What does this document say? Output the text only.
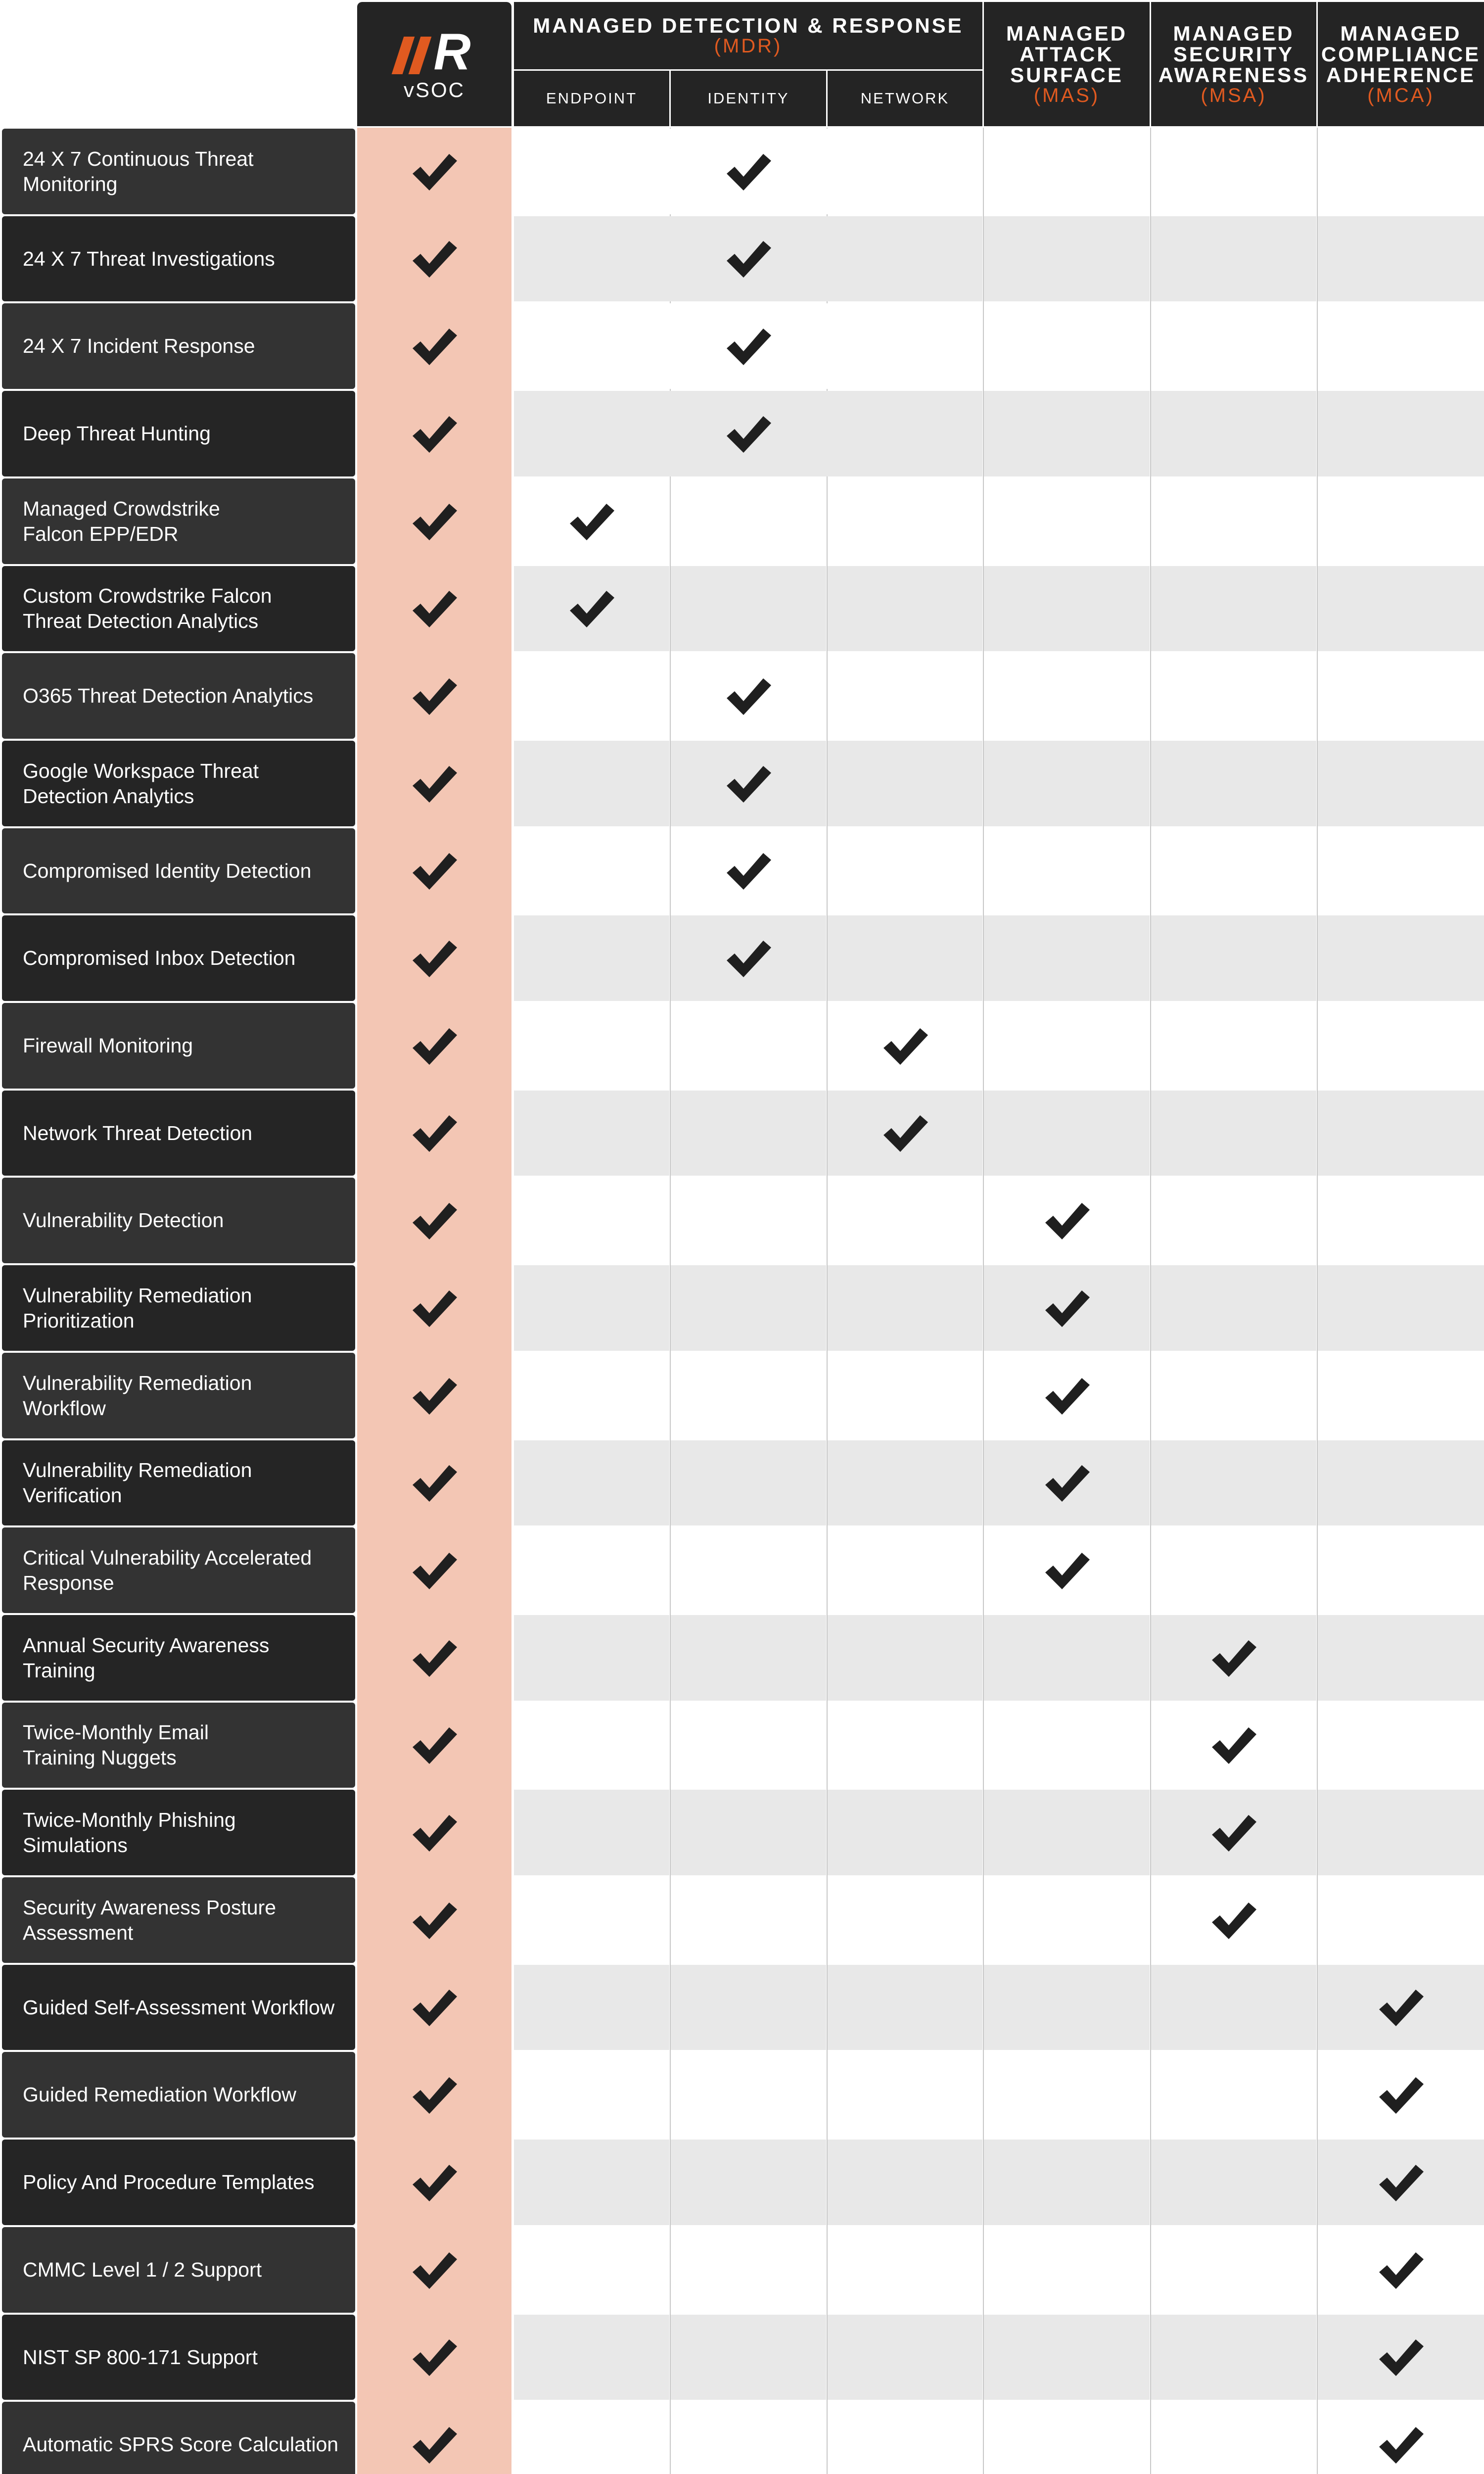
R
vSOC
MANAGED DETECTION & RESPONSE
(MDR)
ENDPOINT	IDENTITY	NETWORK
MANAGED
ATTACK
SURFACE
(MAS)
MANAGED
SECURITY
AWARENESS
(MSA)
MANAGED
COMPLIANCE
ADHERENCE
(MCA)
24 X 7 Continuous Threat
Monitoring
24 X 7 Threat Investigations
24 X 7 Incident Response
Deep Threat Hunting
Managed Crowdstrike
Falcon EPP/EDR
Custom Crowdstrike Falcon
Threat Detection Analytics
O365 Threat Detection Analytics
Google Workspace Threat
Detection Analytics
Compromised Identity Detection
Compromised Inbox Detection
Firewall Monitoring
Network Threat Detection
Vulnerability Detection
Vulnerability Remediation
Prioritization
Vulnerability Remediation
Workflow
Vulnerability Remediation
Verification
Critical Vulnerability Accelerated
Response
Annual Security Awareness
Training
Twice-Monthly Email
Training Nuggets
Twice-Monthly Phishing
Simulations
Security Awareness Posture
Assessment
Guided Self-Assessment Workflow
Guided Remediation Workflow
Policy And Procedure Templates
CMMC Level 1 / 2 Support
NIST SP 800-171 Support
Automatic SPRS Score Calculation
